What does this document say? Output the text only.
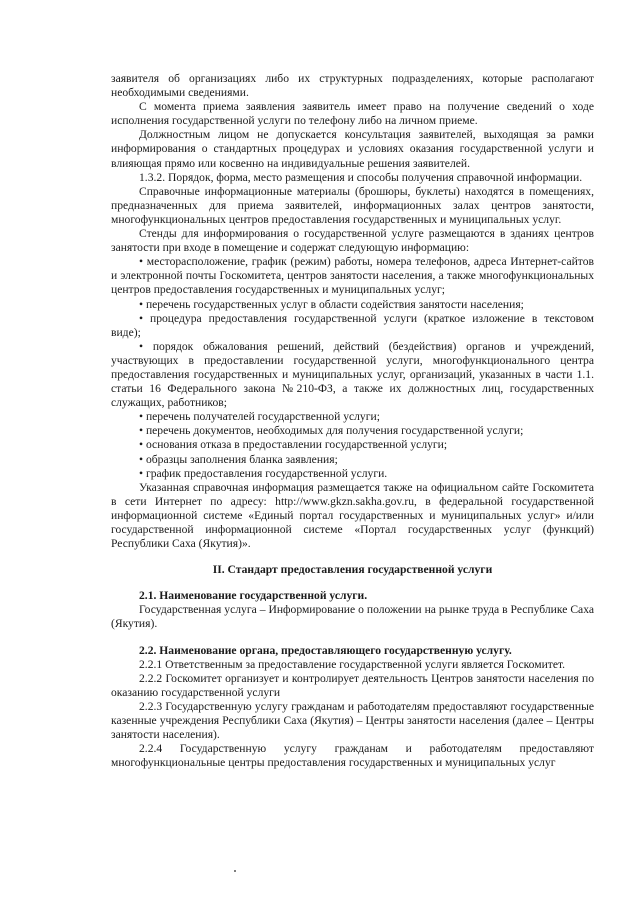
заявителя об организациях либо их структурных подразделениях, которые располагают необходимыми сведениями.

С момента приема заявления заявитель имеет право на получение сведений о ходе исполнения государственной услуги по телефону либо на личном приеме.

Должностным лицом не допускается консультация заявителей, выходящая за рамки информирования о стандартных процедурах и условиях оказания государственной услуги и влияющая прямо или косвенно на индивидуальные решения заявителей.

1.3.2. Порядок, форма, место размещения и способы получения справочной информации.

Справочные информационные материалы (брошюры, буклеты) находятся в помещениях, предназначенных для приема заявителей, информационных залах центров занятости, многофункциональных центров предоставления государственных и муниципальных услуг.

Стенды для информирования о государственной услуге размещаются в зданиях центров занятости при входе в помещение и содержат следующую информацию:

• месторасположение, график (режим) работы, номера телефонов, адреса Интернет-сайтов и электронной почты Госкомитета, центров занятости населения, а также многофункциональных центров предоставления государственных и муниципальных услуг;

• перечень государственных услуг в области содействия занятости населения;

• процедура предоставления государственной услуги (краткое изложение в текстовом виде);

• порядок обжалования решений, действий (бездействия) органов и учреждений, участвующих в предоставлении государственной услуги, многофункционального центра предоставления государственных и муниципальных услуг, организаций, указанных в части 1.1. статьи 16 Федерального закона №210-ФЗ, а также их должностных лиц, государственных служащих, работников;

• перечень получателей государственной услуги;

• перечень документов, необходимых для получения государственной услуги;

• основания отказа в предоставлении государственной услуги;

• образцы заполнения бланка заявления;

• график предоставления государственной услуги.

Указанная справочная информация размещается также на официальном сайте Госкомитета в сети Интернет по адресу: http://www.gkzn.sakha.gov.ru, в федеральной государственной информационной системе «Единый портал государственных и муниципальных услуг» и/или государственной информационной системе «Портал государственных услуг (функций) Республики Саха (Якутия)».

II. Стандарт предоставления государственной услуги

2.1. Наименование государственной услуги.

Государственная услуга – Информирование о положении на рынке труда в Республике Саха (Якутия).

2.2. Наименование органа, предоставляющего государственную услугу.

2.2.1 Ответственным за предоставление государственной услуги является Госкомитет.

2.2.2 Госкомитет организует и контролирует деятельность Центров занятости населения по оказанию государственной услуги

2.2.3 Государственную услугу гражданам и работодателям предоставляют государственные казенные учреждения Республики Саха (Якутия) – Центры занятости населения (далее – Центры занятости населения).

2.2.4 Государственную услугу гражданам и работодателям предоставляют многофункциональные центры предоставления государственных и муниципальных услуг
